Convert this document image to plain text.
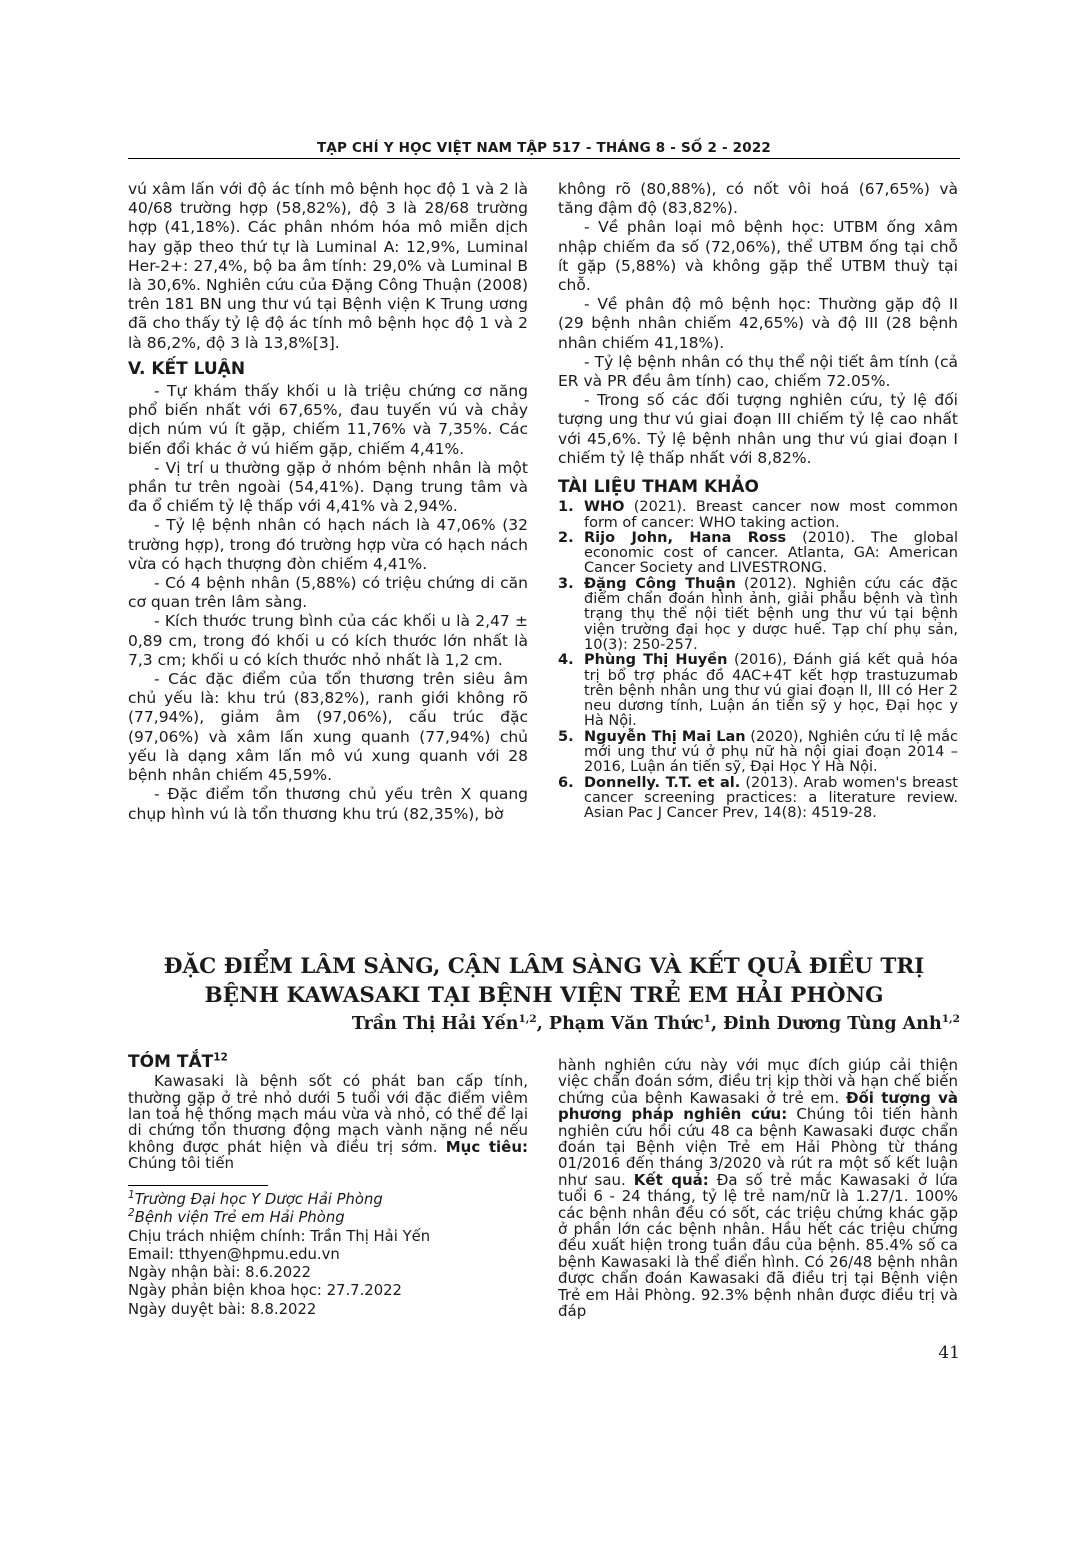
TẠP CHÍ Y HỌC VIỆT NAM TẬP 517 - THÁNG 8 - SỐ 2 - 2022

vú xâm lấn với độ ác tính mô bệnh học độ 1 và 2 là 40/68 trường hợp (58,82%), độ 3 là 28/68 trường hợp (41,18%). Các phân nhóm hóa mô miễn dịch hay gặp theo thứ tự là Luminal A: 12,9%, Luminal Her-2+: 27,4%, bộ ba âm tính: 29,0% và Luminal B là 30,6%. Nghiên cứu của Đặng Công Thuận (2008) trên 181 BN ung thư vú tại Bệnh viện K Trung ương đã cho thấy tỷ lệ độ ác tính mô bệnh học độ 1 và 2 là 86,2%, độ 3 là 13,8%[3].

V. KẾT LUẬN

- Tự khám thấy khối u là triệu chứng cơ năng phổ biến nhất với 67,65%, đau tuyến vú và chảy dịch núm vú ít gặp, chiếm 11,76% và 7,35%. Các biến đổi khác ở vú hiếm gặp, chiếm 4,41%.

- Vị trí u thường gặp ở nhóm bệnh nhân là một phần tư trên ngoài (54,41%). Dạng trung tâm và đa ổ chiếm tỷ lệ thấp với 4,41% và 2,94%.

- Tỷ lệ bệnh nhân có hạch nách là 47,06% (32 trường hợp), trong đó trường hợp vừa có hạch nách vừa có hạch thượng đòn chiếm 4,41%.

- Có 4 bệnh nhân (5,88%) có triệu chứng di căn cơ quan trên lâm sàng.

- Kích thước trung bình của các khối u là 2,47 ± 0,89 cm, trong đó khối u có kích thước lớn nhất là 7,3 cm; khối u có kích thước nhỏ nhất là 1,2 cm.

- Các đặc điểm của tổn thương trên siêu âm chủ yếu là: khu trú (83,82%), ranh giới không rõ (77,94%), giảm âm (97,06%), cấu trúc đặc (97,06%) và xâm lấn xung quanh (77,94%) chủ yếu là dạng xâm lấn mô vú xung quanh với 28 bệnh nhân chiếm 45,59%.

- Đặc điểm tổn thương chủ yếu trên X quang chụp hình vú là tổn thương khu trú (82,35%), bờ

không rõ (80,88%), có nốt vôi hoá (67,65%) và tăng đậm độ (83,82%).

- Về phân loại mô bệnh học: UTBM ống xâm nhập chiếm đa số (72,06%), thể UTBM ống tại chỗ ít gặp (5,88%) và không gặp thể UTBM thuỳ tại chỗ.

- Về phân độ mô bệnh học: Thường gặp độ II (29 bệnh nhân chiếm 42,65%) và độ III (28 bệnh nhân chiếm 41,18%).

- Tỷ lệ bệnh nhân có thụ thể nội tiết âm tính (cả ER và PR đều âm tính) cao, chiếm 72.05%.

- Trong số các đối tượng nghiên cứu, tỷ lệ đối tượng ung thư vú giai đoạn III chiếm tỷ lệ cao nhất với 45,6%. Tỷ lệ bệnh nhân ung thư vú giai đoạn I chiếm tỷ lệ thấp nhất với 8,82%.

TÀI LIỆU THAM KHẢO
1. WHO (2021). Breast cancer now most common form of cancer: WHO taking action.
2. Rijo John, Hana Ross (2010). The global economic cost of cancer. Atlanta, GA: American Cancer Society and LIVESTRONG.
3. Đặng Công Thuận (2012). Nghiên cứu các đặc điểm chẩn đoán hình ảnh, giải phẫu bệnh và tình trạng thụ thể nội tiết bệnh ung thư vú tại bệnh viện trường đại học y dược huế. Tạp chí phụ sản, 10(3): 250-257.
4. Phùng Thị Huyền (2016), Đánh giá kết quả hóa trị bổ trợ phác đồ 4AC+4T kết hợp trastuzumab trên bệnh nhân ung thư vú giai đoạn II, III có Her 2 neu dương tính, Luận án tiến sỹ y học, Đại học y Hà Nội.
5. Nguyễn Thị Mai Lan (2020), Nghiên cứu tỉ lệ mắc mới ung thư vú ở phụ nữ hà nội giai đoạn 2014 – 2016, Luận án tiến sỹ, Đại Học Y Hà Nội.
6. Donnelly. T.T. et al. (2013). Arab women's breast cancer screening practices: a literature review. Asian Pac J Cancer Prev, 14(8): 4519-28.
ĐẶC ĐIỂM LÂM SÀNG, CẬN LÂM SÀNG VÀ KẾT QUẢ ĐIỀU TRỊ
BỆNH KAWASAKI TẠI BỆNH VIỆN TRẺ EM HẢI PHÒNG
Trần Thị Hải Yến$^{1,2}$, Phạm Văn Thức$^1$, Đinh Dương Tùng Anh$^{1,2}$
TÓM TẮT$^{12}$

Kawasaki là bệnh sốt có phát ban cấp tính, thường gặp ở trẻ nhỏ dưới 5 tuổi với đặc điểm viêm lan toả hệ thống mạch máu vừa và nhỏ, có thể để lại di chứng tổn thương động mạch vành nặng nề nếu không được phát hiện và điều trị sớm. Mục tiêu: Chúng tôi tiến

hành nghiên cứu này với mục đích giúp cải thiện việc chẩn đoán sớm, điều trị kịp thời và hạn chế biến chứng của bệnh Kawasaki ở trẻ em. Đối tượng và phương pháp nghiên cứu: Chúng tôi tiến hành nghiên cứu hồi cứu 48 ca bệnh Kawasaki được chẩn đoán tại Bệnh viện Trẻ em Hải Phòng từ tháng 01/2016 đến tháng 3/2020 và rút ra một số kết luận như sau. Kết quả: Đa số trẻ mắc Kawasaki ở lứa tuổi 6 - 24 tháng, tỷ lệ trẻ nam/nữ là 1.27/1. 100% các bệnh nhân đều có sốt, các triệu chứng khác gặp ở phần lớn các bệnh nhân. Hầu hết các triệu chứng đều xuất hiện trong tuần đầu của bệnh. 85.4% số ca bệnh Kawasaki là thể điển hình. Có 26/48 bệnh nhân được chẩn đoán Kawasaki đã điều trị tại Bệnh viện Trẻ em Hải Phòng. 92.3% bệnh nhân được điều trị và đáp

$^1$Trường Đại học Y Dược Hải Phòng
$^2$Bệnh viện Trẻ em Hải Phòng
Chịu trách nhiệm chính: Trần Thị Hải Yến
Email: tthyen@hpmu.edu.vn
Ngày nhận bài: 8.6.2022
Ngày phản biện khoa học: 27.7.2022
Ngày duyệt bài: 8.8.2022
41
